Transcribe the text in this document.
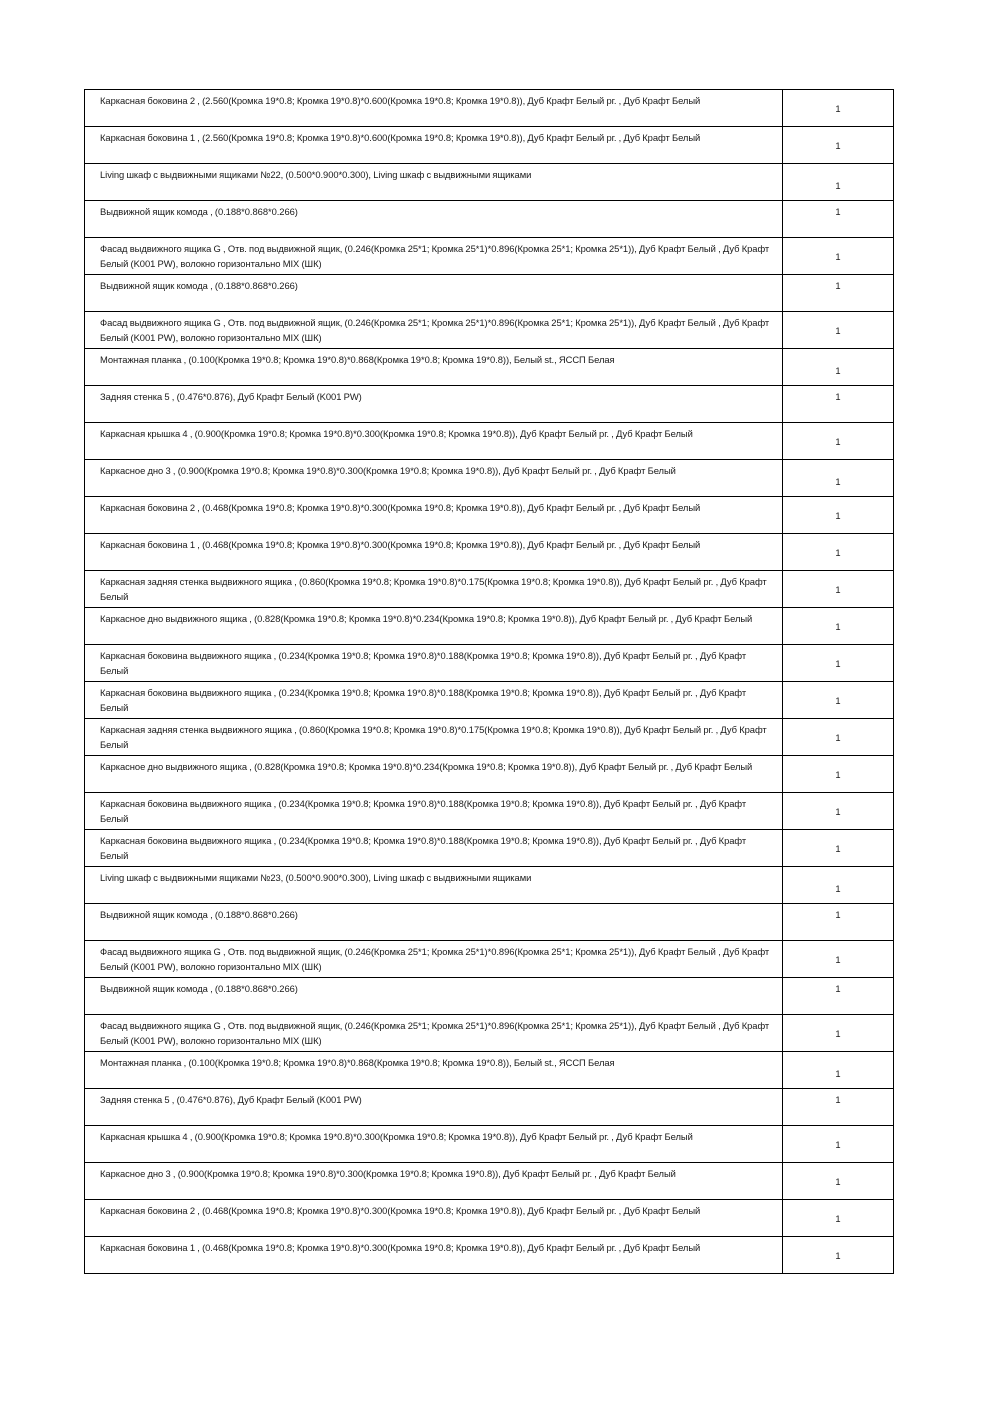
Каркасная боковина 2 , (2.560(Кромка 19*0.8; Кромка 19*0.8)*0.600(Кромка 19*0.8; Кромка 19*0.8)), Дуб Крафт Белый рг. , Дуб Крафт Белый	1

Каркасная боковина 1 , (2.560(Кромка 19*0.8; Кромка 19*0.8)*0.600(Кромка 19*0.8; Кромка 19*0.8)), Дуб Крафт Белый рг. , Дуб Крафт Белый	1

Living шкаф с выдвижными ящиками №22, (0.500*0.900*0.300), Living шкаф с выдвижными ящиками	1

Выдвижной ящик комода , (0.188*0.868*0.266)	1

Фасад выдвижного ящика G , Отв. под выдвижной ящик, (0.246(Кромка 25*1; Кромка 25*1)*0.896(Кромка 25*1; Кромка 25*1)), Дуб Крафт Белый , Дуб Крафт Белый (K001 PW), волокно горизонтально MIX (ШК)	1

Выдвижной ящик комода , (0.188*0.868*0.266)	1

Фасад выдвижного ящика G , Отв. под выдвижной ящик, (0.246(Кромка 25*1; Кромка 25*1)*0.896(Кромка 25*1; Кромка 25*1)), Дуб Крафт Белый , Дуб Крафт Белый (K001 PW), волокно горизонтально MIX (ШК)	1

Монтажная планка , (0.100(Кромка 19*0.8; Кромка 19*0.8)*0.868(Кромка 19*0.8; Кромка 19*0.8)), Белый st., ЯССП Белая	1

Задняя стенка 5 , (0.476*0.876), Дуб Крафт Белый (K001 PW)	1

Каркасная крышка 4 , (0.900(Кромка 19*0.8; Кромка 19*0.8)*0.300(Кромка 19*0.8; Кромка 19*0.8)), Дуб Крафт Белый рг. , Дуб Крафт Белый	1

Каркасное дно 3 , (0.900(Кромка 19*0.8; Кромка 19*0.8)*0.300(Кромка 19*0.8; Кромка 19*0.8)), Дуб Крафт Белый рг. , Дуб Крафт Белый	1

Каркасная боковина 2 , (0.468(Кромка 19*0.8; Кромка 19*0.8)*0.300(Кромка 19*0.8; Кромка 19*0.8)), Дуб Крафт Белый рг. , Дуб Крафт Белый	1

Каркасная боковина 1 , (0.468(Кромка 19*0.8; Кромка 19*0.8)*0.300(Кромка 19*0.8; Кромка 19*0.8)), Дуб Крафт Белый рг. , Дуб Крафт Белый	1

Каркасная задняя стенка выдвижного ящика , (0.860(Кромка 19*0.8; Кромка 19*0.8)*0.175(Кромка 19*0.8; Кромка 19*0.8)), Дуб Крафт Белый рг. , Дуб Крафт Белый	1

Каркасное дно выдвижного ящика , (0.828(Кромка 19*0.8; Кромка 19*0.8)*0.234(Кромка 19*0.8; Кромка 19*0.8)), Дуб Крафт Белый рг. , Дуб Крафт Белый	1

Каркасная боковина выдвижного ящика , (0.234(Кромка 19*0.8; Кромка 19*0.8)*0.188(Кромка 19*0.8; Кромка 19*0.8)), Дуб Крафт Белый рг. , Дуб Крафт Белый	1

Каркасная боковина выдвижного ящика , (0.234(Кромка 19*0.8; Кромка 19*0.8)*0.188(Кромка 19*0.8; Кромка 19*0.8)), Дуб Крафт Белый рг. , Дуб Крафт Белый	1

Каркасная задняя стенка выдвижного ящика , (0.860(Кромка 19*0.8; Кромка 19*0.8)*0.175(Кромка 19*0.8; Кромка 19*0.8)), Дуб Крафт Белый рг. , Дуб Крафт Белый	1

Каркасное дно выдвижного ящика , (0.828(Кромка 19*0.8; Кромка 19*0.8)*0.234(Кромка 19*0.8; Кромка 19*0.8)), Дуб Крафт Белый рг. , Дуб Крафт Белый	1

Каркасная боковина выдвижного ящика , (0.234(Кромка 19*0.8; Кромка 19*0.8)*0.188(Кромка 19*0.8; Кромка 19*0.8)), Дуб Крафт Белый рг. , Дуб Крафт Белый	1

Каркасная боковина выдвижного ящика , (0.234(Кромка 19*0.8; Кромка 19*0.8)*0.188(Кромка 19*0.8; Кромка 19*0.8)), Дуб Крафт Белый рг. , Дуб Крафт Белый	1

Living шкаф с выдвижными ящиками №23, (0.500*0.900*0.300), Living шкаф с выдвижными ящиками	1

Выдвижной ящик комода , (0.188*0.868*0.266)	1

Фасад выдвижного ящика G , Отв. под выдвижной ящик, (0.246(Кромка 25*1; Кромка 25*1)*0.896(Кромка 25*1; Кромка 25*1)), Дуб Крафт Белый , Дуб Крафт Белый (K001 PW), волокно горизонтально MIX (ШК)	1

Выдвижной ящик комода , (0.188*0.868*0.266)	1

Фасад выдвижного ящика G , Отв. под выдвижной ящик, (0.246(Кромка 25*1; Кромка 25*1)*0.896(Кромка 25*1; Кромка 25*1)), Дуб Крафт Белый , Дуб Крафт Белый (K001 PW), волокно горизонтально MIX (ШК)	1

Монтажная планка , (0.100(Кромка 19*0.8; Кромка 19*0.8)*0.868(Кромка 19*0.8; Кромка 19*0.8)), Белый st., ЯССП Белая	1

Задняя стенка 5 , (0.476*0.876), Дуб Крафт Белый (K001 PW)	1

Каркасная крышка 4 , (0.900(Кромка 19*0.8; Кромка 19*0.8)*0.300(Кромка 19*0.8; Кромка 19*0.8)), Дуб Крафт Белый рг. , Дуб Крафт Белый	1

Каркасное дно 3 , (0.900(Кромка 19*0.8; Кромка 19*0.8)*0.300(Кромка 19*0.8; Кромка 19*0.8)), Дуб Крафт Белый рг. , Дуб Крафт Белый	1

Каркасная боковина 2 , (0.468(Кромка 19*0.8; Кромка 19*0.8)*0.300(Кромка 19*0.8; Кромка 19*0.8)), Дуб Крафт Белый рг. , Дуб Крафт Белый	1

Каркасная боковина 1 , (0.468(Кромка 19*0.8; Кромка 19*0.8)*0.300(Кромка 19*0.8; Кромка 19*0.8)), Дуб Крафт Белый рг. , Дуб Крафт Белый	1
